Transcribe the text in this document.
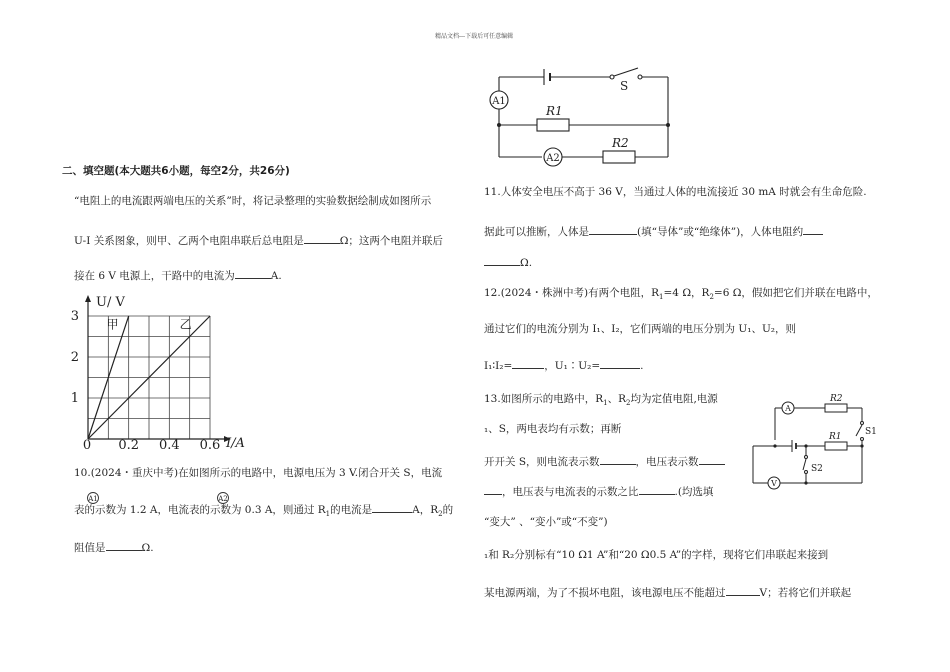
精品文档---下载后可任意编辑
二、填空题(本大题共6小题，每空2分，共26分)
“电阻上的电流跟两端电压的关系”时，将记录整理的实验数据绘制成如图所示
U-I 关系图象，则甲、乙两个电阻串联后总电阻是	Ω；这两个电阻并联后
接在 6 V 电源上，干路中的电流为	A.
U/ V
I/A
0 0.2 0.4 0.6
1
2
3
甲	乙
10.(2024・重庆中考)在如图所示的电路中，电源电压为 3 V.闭合开关 S，电流
A1	A2
表的示数为 1.2 A，电流表的示数为 0.3 A，则通过 $R_1$的电流是	A，$R_2$的
阻值是	Ω.
A1
A2
R1
R2
S
11.人体安全电压不高于 36 V，当通过人体的电流接近 30 mA 时就会有生命危险.
据此可以推断，人体是	(填“导体”或“绝缘体”)，人体电阻约
Ω.
12.(2024・株洲中考)有两个电阻，$R_1=4$ Ω，$R_2=6$ Ω，假如把它们并联在电路中，
通过它们的电流分别为 I₁、I₂，它们两端的电压分别为 U₁、U₂，则
I₁∶I₂=	，U₁∶U₂=	.
13.如图所示的电路中，$R_1$、$R_2$均为定值电阻,电源
₁、S，两电表均有示数；再断
开开关 S，则电流表示数	，电压表示数
，电压表与电流表的示数之比	.(均选填
“变大” 、“变小”或“不变”)
A
V
R2
R1	S1
S2
₁和 R₂分别标有“10 Ω1 A”和“20 Ω0.5 A”的字样，现将它们串联起来接到
某电源两端，为了不损坏电阻，该电源电压不能超过	V；若将它们并联起
